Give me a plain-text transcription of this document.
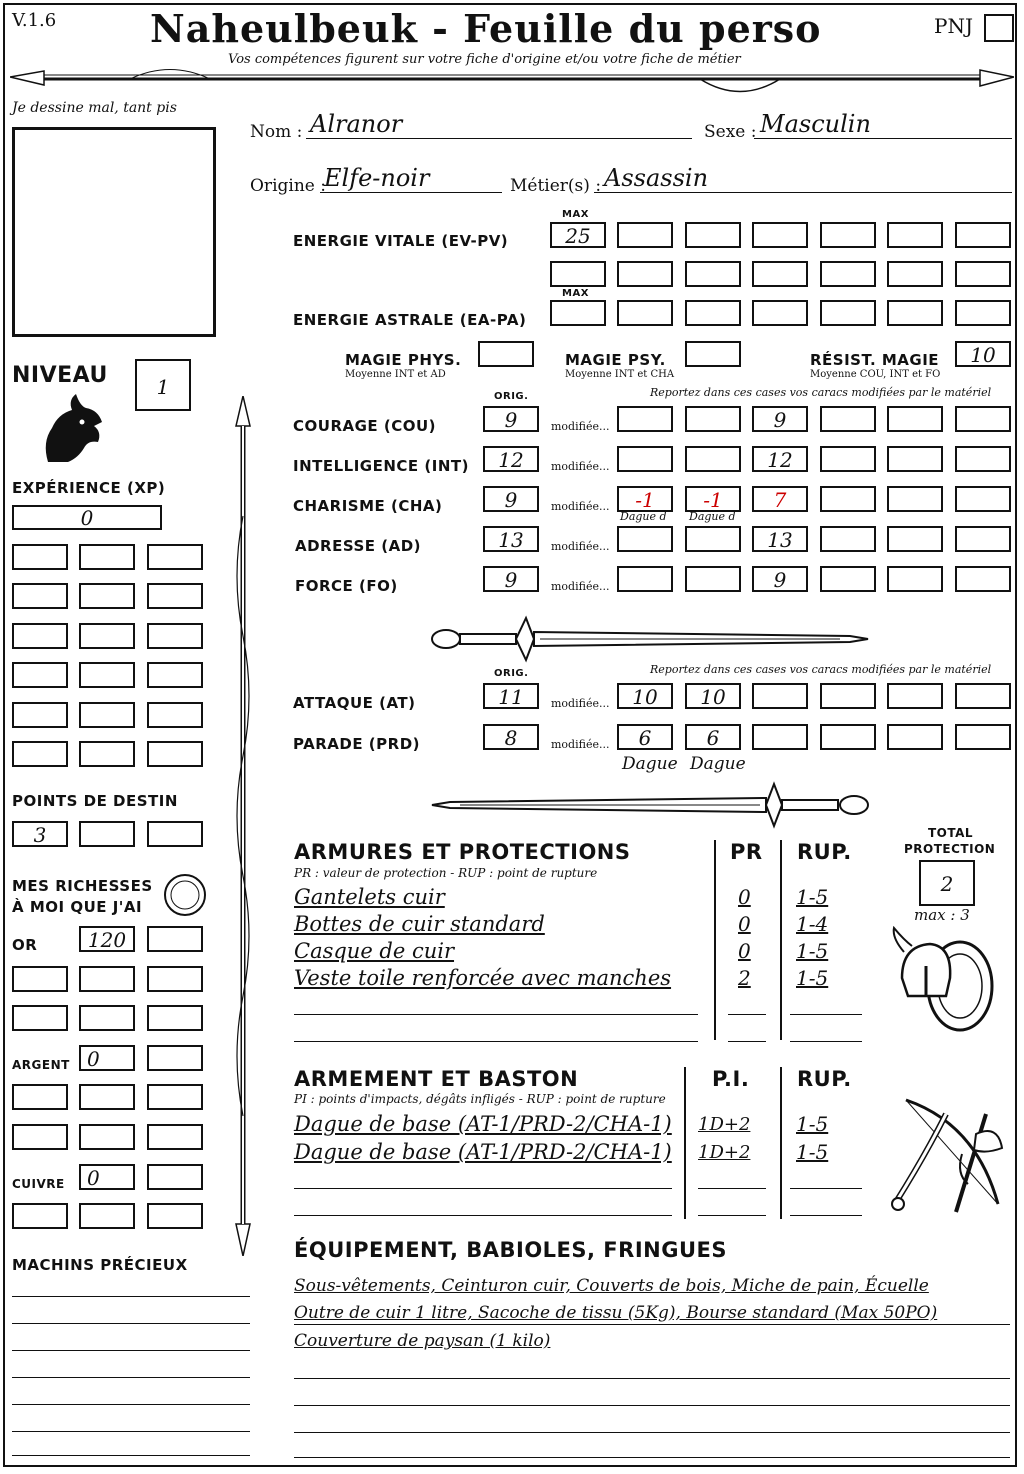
V.1.6 Naheulbeuk - Feuille du perso
Vos compétences figurent sur votre fiche d'origine et/ou votre fiche de métier
PNJ
Je dessine mal, tant pis
Nom : Alranor	Sexe : Masculin
Origine :
Elfe-noir	Métier(s) : Assassin
MAX
ENERGIE VITALE (EV-PV)	25
MAX
ENERGIE ASTRALE (EA-PA)
MAGIE PHYS.
Moyenne INT et AD
MAGIE PSY.
Moyenne INT et CHA
RÉSIST. MAGIE
Moyenne COU, INT et FO
10
NIVEAU	1
EXPÉRIENCE (XP)
0
POINTS DE DESTIN
3
MES RICHESSES
À MOI QUE J'AI
OR	120
ARGENT 0
CUIVRE	0
MACHINS PRÉCIEUX
ORIG.	Reportez dans ces cases vos caracs modifiées par le matériel
COURAGE (COU)	9	modifiée...	9
INTELLIGENCE (INT)	12	modifiée...	12
CHARISME (CHA)	9	modifiée...	-1	-1	7
Dague d Dague d
ADRESSE (AD)	13	modifiée...	13
FORCE (FO)	9	modifiée...	9
ORIG.	Reportez dans ces cases vos caracs modifiées par le matériel
ATTAQUE (AT)	11	modifiée...	10	10
PARADE (PRD)	8	modifiée...	6	6
Dague Dague
ARMURES ET PROTECTIONS
PR : valeur de protection - RUP : point de rupture
PR RUP.
Gantelets cuir	0 1-5
Bottes de cuir standard	0 1-4
Casque de cuir	0 1-5
Veste toile renforcée avec manches	2 1-5
TOTAL
PROTECTION
2
max : 3
ARMEMENT ET BASTON
PI : points d'impacts, dégâts infligés - RUP : point de rupture
P.I. RUP.
Dague de base (AT-1/PRD-2/CHA-1) 1D+2 1-5
Dague de base (AT-1/PRD-2/CHA-1) 1D+2 1-5
ÉQUIPEMENT, BABIOLES, FRINGUES
Sous-vêtements, Ceinturon cuir, Couverts de bois, Miche de pain, Écuelle
Outre de cuir 1 litre, Sacoche de tissu (5Kg), Bourse standard (Max 50PO)
Couverture de paysan (1 kilo)
